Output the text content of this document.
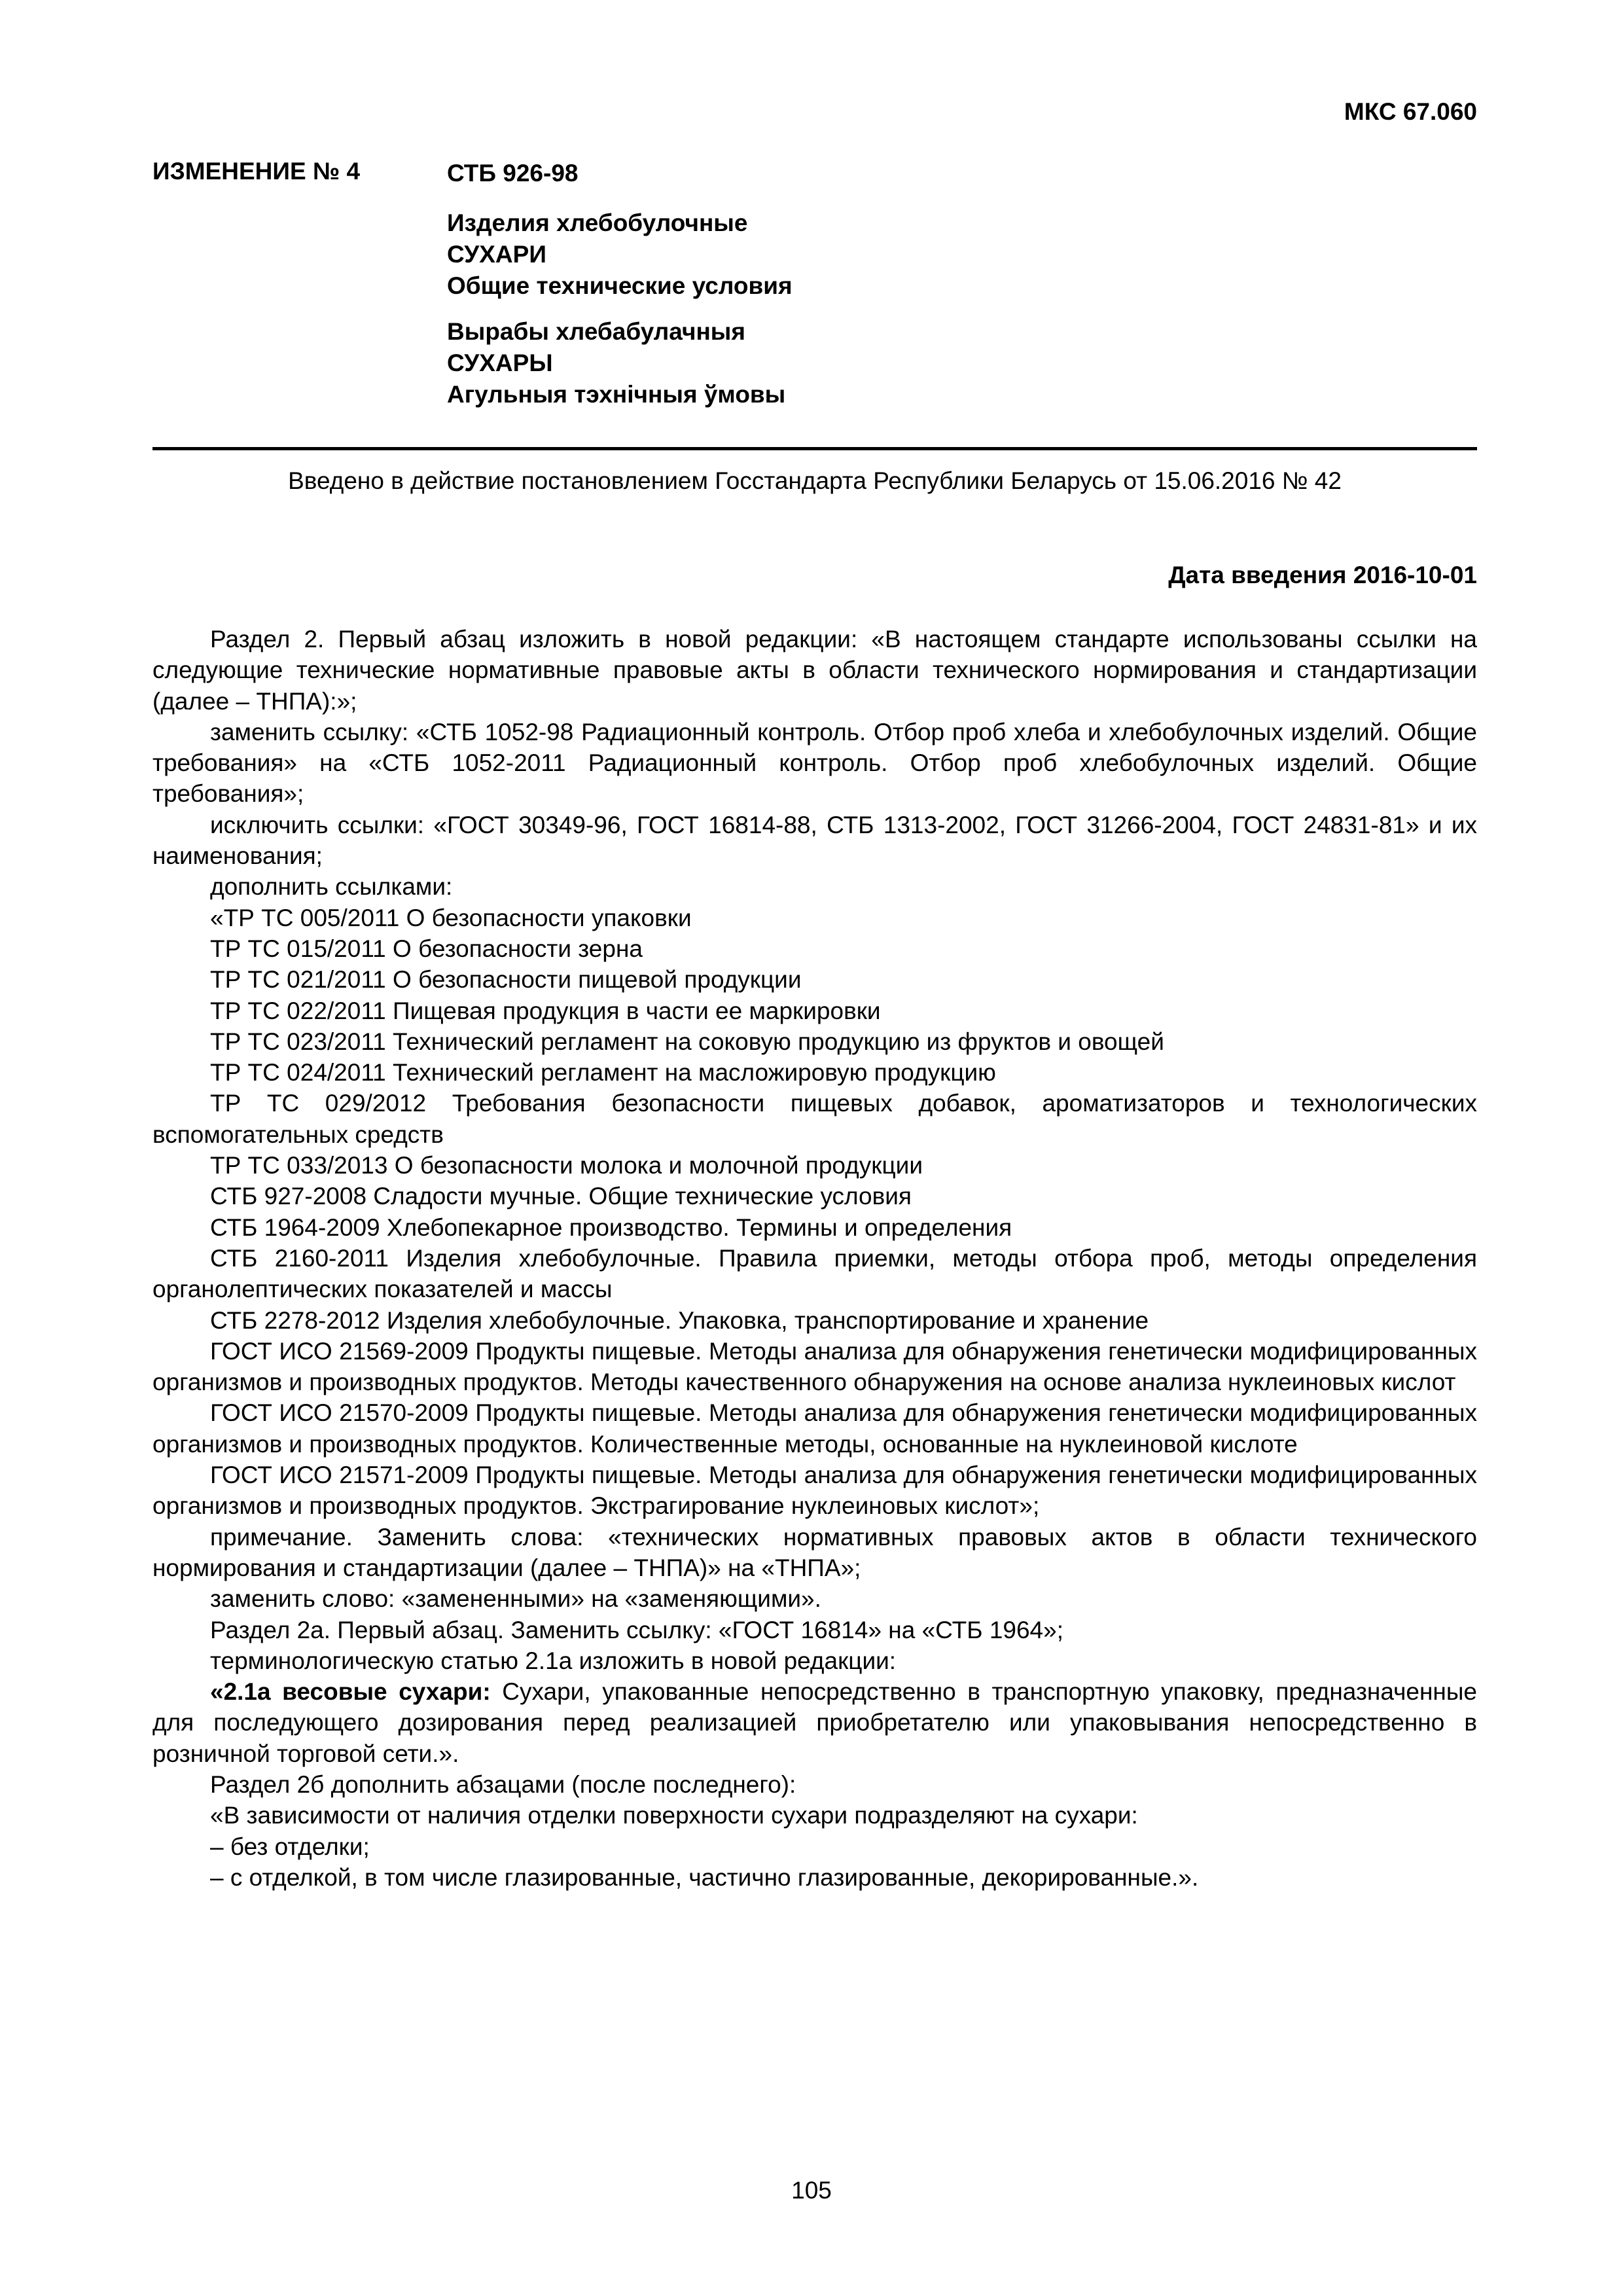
МКС 67.060
ИЗМЕНЕНИЕ № 4	СТБ 926-98
Изделия хлебобулочные
СУХАРИ
Общие технические условия
Вырабы хлебабулачныя
СУХАРЫ
Агульныя тэхнічныя ўмовы
Введено в действие постановлением Госстандарта Республики Беларусь от 15.06.2016 № 42
Дата введения 2016-10-01

Раздел 2. Первый абзац изложить в новой редакции: «В настоящем стандарте использованы ссылки на следующие технические нормативные правовые акты в области технического нормирования и стандартизации (далее – ТНПА):»;

заменить ссылку: «СТБ 1052-98 Радиационный контроль. Отбор проб хлеба и хлебобулочных изделий. Общие требования» на «СТБ 1052-2011 Радиационный контроль. Отбор проб хлебобулочных изделий. Общие требования»;

исключить ссылки: «ГОСТ 30349-96, ГОСТ 16814-88, СТБ 1313-2002, ГОСТ 31266-2004, ГОСТ 24831-81» и их наименования;

дополнить ссылками:

«ТР ТС 005/2011 О безопасности упаковки

ТР ТС 015/2011 О безопасности зерна

ТР ТС 021/2011 О безопасности пищевой продукции

ТР ТС 022/2011 Пищевая продукция в части ее маркировки

ТР ТС 023/2011 Технический регламент на соковую продукцию из фруктов и овощей

ТР ТС 024/2011 Технический регламент на масложировую продукцию

ТР ТС 029/2012 Требования безопасности пищевых добавок, ароматизаторов и технологических вспомогательных средств

ТР ТС 033/2013 О безопасности молока и молочной продукции

СТБ 927-2008 Сладости мучные. Общие технические условия

СТБ 1964-2009 Хлебопекарное производство. Термины и определения

СТБ 2160-2011 Изделия хлебобулочные. Правила приемки, методы отбора проб, методы определения органолептических показателей и массы

СТБ 2278-2012 Изделия хлебобулочные. Упаковка, транспортирование и хранение

ГОСТ ИСО 21569-2009 Продукты пищевые. Методы анализа для обнаружения генетически модифицированных организмов и производных продуктов. Методы качественного обнаружения на основе анализа нуклеиновых кислот

ГОСТ ИСО 21570-2009 Продукты пищевые. Методы анализа для обнаружения генетически модифицированных организмов и производных продуктов. Количественные методы, основанные на нуклеиновой кислоте

ГОСТ ИСО 21571-2009 Продукты пищевые. Методы анализа для обнаружения генетически модифицированных организмов и производных продуктов. Экстрагирование нуклеиновых кислот»;

примечание. Заменить слова: «технических нормативных правовых актов в области технического нормирования и стандартизации (далее – ТНПА)» на «ТНПА»;

заменить слово: «замененными» на «заменяющими».

Раздел 2а. Первый абзац. Заменить ссылку: «ГОСТ 16814» на «СТБ 1964»;

терминологическую статью 2.1а изложить в новой редакции:

«2.1а весовые сухари: Сухари, упакованные непосредственно в транспортную упаковку, предназначенные для последующего дозирования перед реализацией приобретателю или упаковывания непосредственно в розничной торговой сети.».

Раздел 2б дополнить абзацами (после последнего):

«В зависимости от наличия отделки поверхности сухари подразделяют на сухари:

– без отделки;

– с отделкой, в том числе глазированные, частично глазированные, декорированные.».

105
